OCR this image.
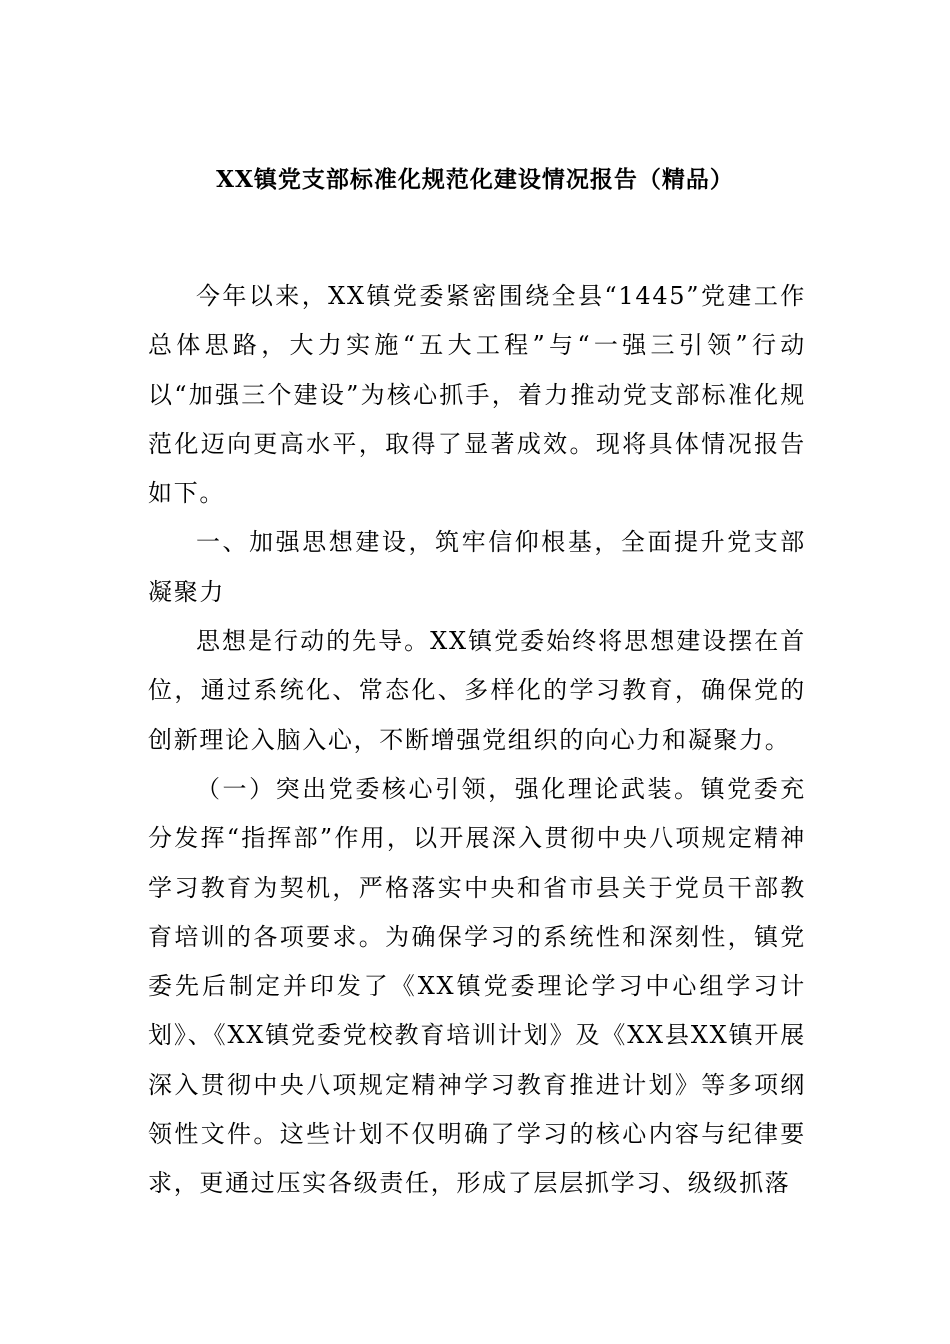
XX镇党支部标准化规范化建设情况报告（精品）

今年以来，XX镇党委紧密围绕全县“1445”党建工作总体思路，大力实施“五大工程”与“一强三引领”行动以“加强三个建设”为核心抓手，着力推动党支部标准化规范化迈向更高水平，取得了显著成效。现将具体情况报告如下。

一、加强思想建设，筑牢信仰根基，全面提升党支部凝聚力

思想是行动的先导。XX镇党委始终将思想建设摆在首位，通过系统化、常态化、多样化的学习教育，确保党的创新理论入脑入心，不断增强党组织的向心力和凝聚力。

（一）突出党委核心引领，强化理论武装。镇党委充分发挥“指挥部”作用，以开展深入贯彻中央八项规定精神学习教育为契机，严格落实中央和省市县关于党员干部教育培训的各项要求。为确保学习的系统性和深刻性，镇党委先后制定并印发了《XX镇党委理论学习中心组学习计划》、《XX镇党委党校教育培训计划》及《XX县XX镇开展深入贯彻中央八项规定精神学习教育推进计划》等多项纲领性文件。这些计划不仅明确了学习的核心内容与纪律要求，更通过压实各级责任，形成了层层抓学习、级级抓落
